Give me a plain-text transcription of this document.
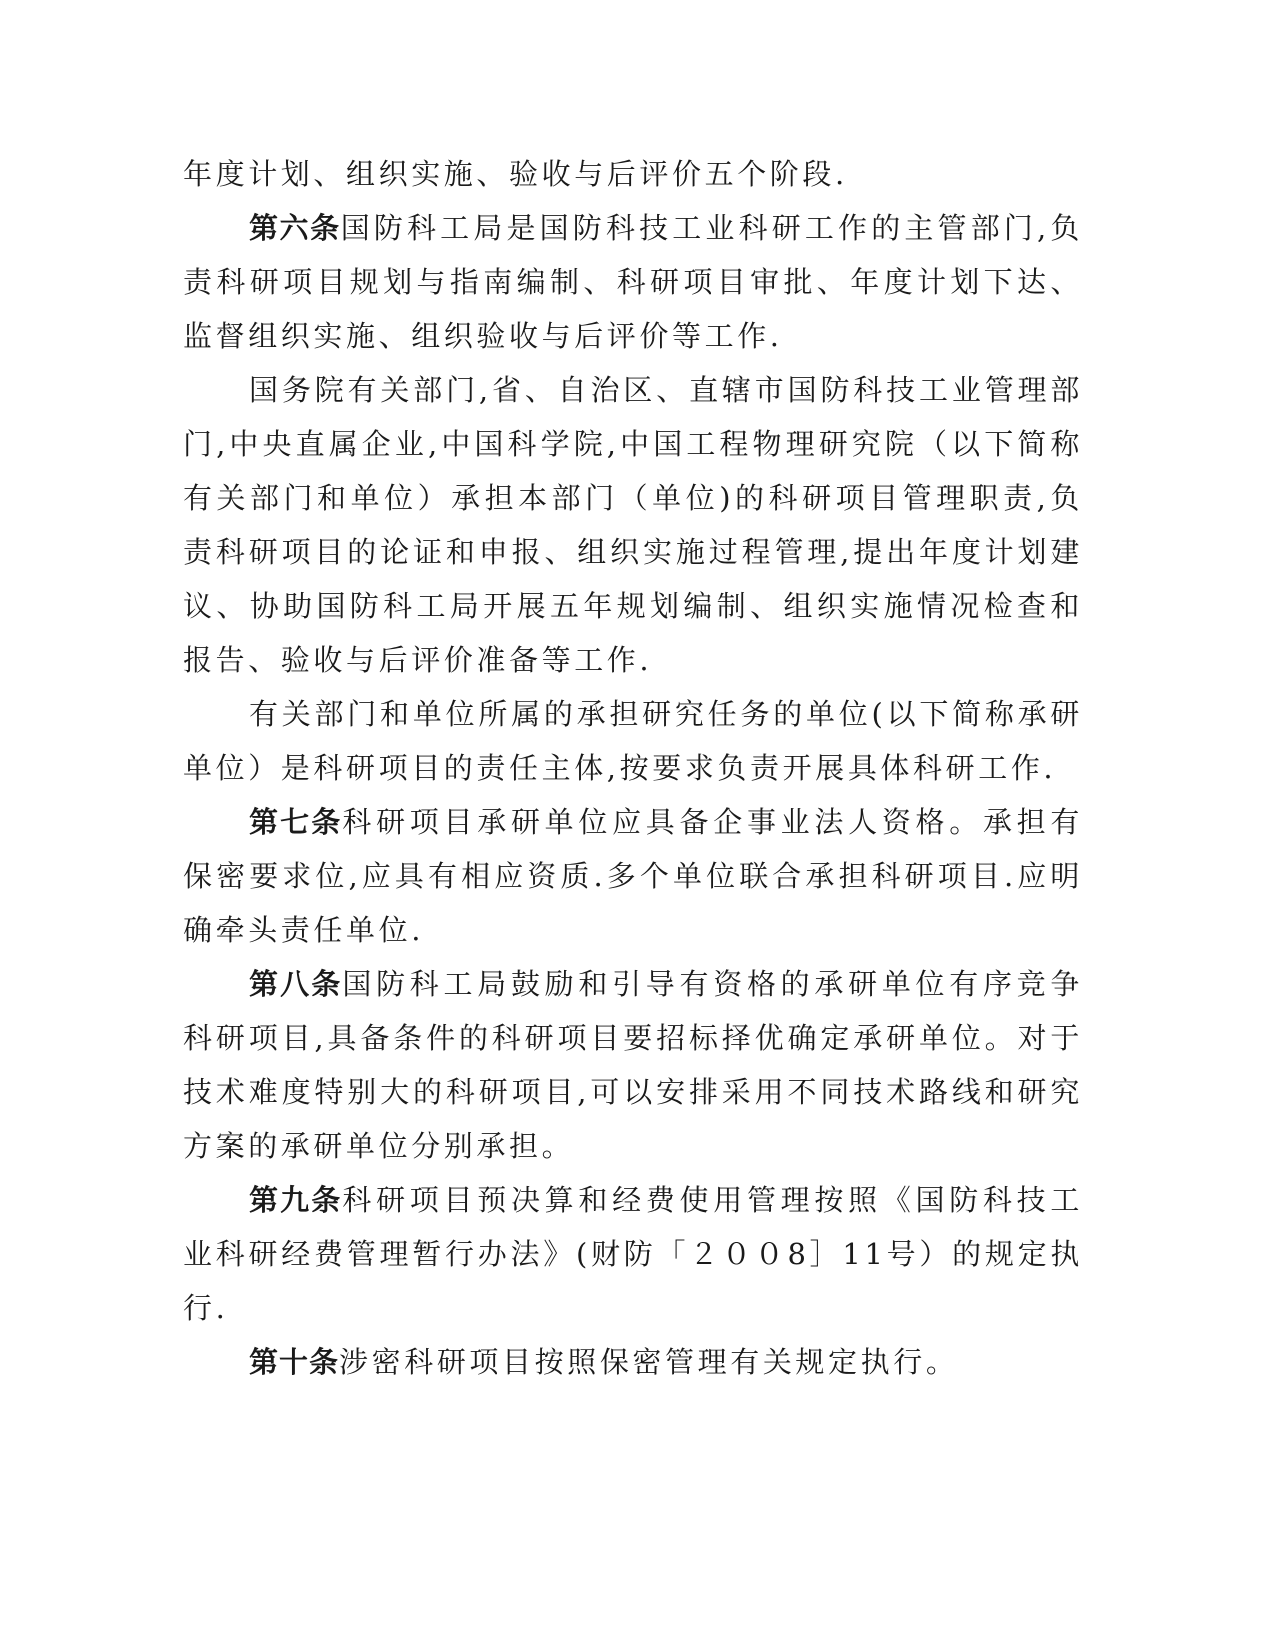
年度计划、组织实施、验收与后评价五个阶段.

第六条国防科工局是国防科技工业科研工作的主管部门,负责科研项目规划与指南编制、科研项目审批、年度计划下达、监督组织实施、组织验收与后评价等工作.

国务院有关部门,省、自治区、直辖市国防科技工业管理部门,中央直属企业,中国科学院,中国工程物理研究院（以下简称有关部门和单位）承担本部门（单位)的科研项目管理职责,负责科研项目的论证和申报、组织实施过程管理,提出年度计划建议、协助国防科工局开展五年规划编制、组织实施情况检查和报告、验收与后评价准备等工作.

有关部门和单位所属的承担研究任务的单位(以下简称承研单位）是科研项目的责任主体,按要求负责开展具体科研工作.

第七条科研项目承研单位应具备企事业法人资格。承担有保密要求位,应具有相应资质.多个单位联合承担科研项目.应明确牵头责任单位.

第八条国防科工局鼓励和引导有资格的承研单位有序竞争科研项目,具备条件的科研项目要招标择优确定承研单位。对于技术难度特别大的科研项目,可以安排采用不同技术路线和研究方案的承研单位分别承担。

第九条科研项目预决算和经费使用管理按照《国防科技工业科研经费管理暂行办法》(财防「２００8］11号）的规定执行.

第十条涉密科研项目按照保密管理有关规定执行。
